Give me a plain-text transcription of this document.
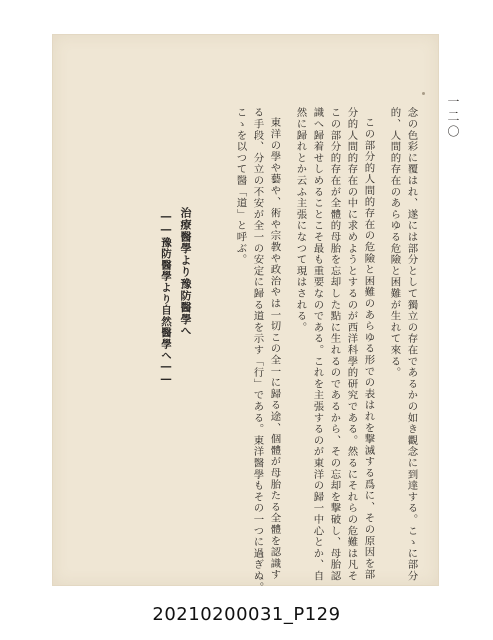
一二〇
念の色彩に覆はれ、遂には部分として獨立の存在であるかの如き觀念に到達する。こゝに部分
的、人間的存在のあらゆる危險と困難が生れて來る。
この部分的人間的存在の危險と困難のあらゆる形での表はれを撃滅する爲に、その原因を部
分的人間的存在の中に求めようとするのが西洋科學的研究である。然るにそれらの危難は凡そ
この部分的存在が全體的母胎を忘却した點に生れるのであるから、その忘却を撃破し、母胎認
識へ歸着せしめることこそ最も重要なのである。これを主張するのが東洋の歸一中心とか、自
然に歸れとか云ふ主張になつて現はされる。
東洋の學や藝や、術や宗教や政治やは一切この全一に歸る途、個體が母胎たる全體を認識す
る手段、分立の不安が全一の安定に歸る道を示す「行」である。東洋醫學もその一つに過ぎぬ。
こゝを以つて醫「道」と呼ぶ。
治療醫學より豫防醫學へ
――豫防醫學より自然醫學へ――
20210200031_P129
